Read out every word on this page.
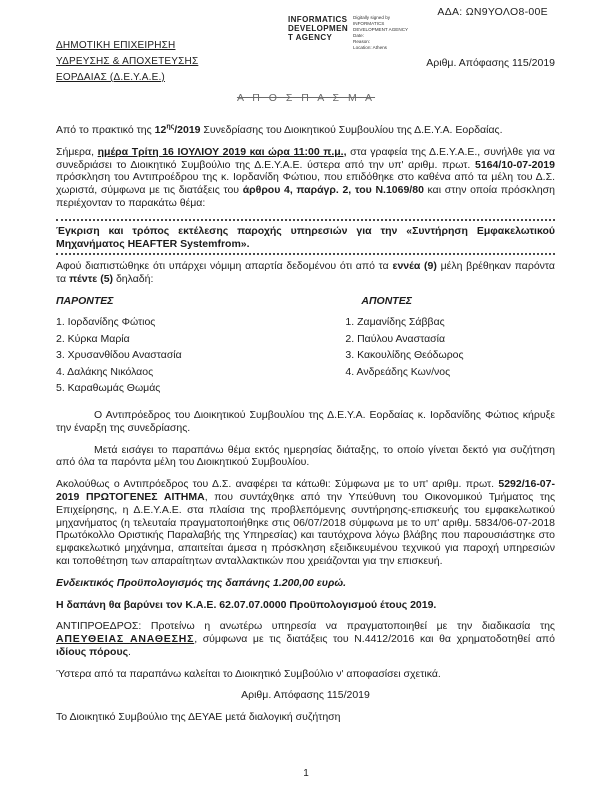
ΑΔΑ: ΩΝ9ΥΟΛΟ8-00Ε
INFORMATICS
DEVELOPMEN
T AGENCY
Digitally signed by
INFORMATICS
DEVELOPMENT AGENCY
Date:
Reason:
Location: Athens
ΔΗΜΟΤΙΚΗ ΕΠΙΧΕΙΡΗΣΗ
ΥΔΡΕΥΣΗΣ & ΑΠΟΧΕΤΕΥΣΗΣ
ΕΟΡΔΑΙΑΣ (Δ.Ε.Υ.Α.Ε.)
Αριθμ. Απόφασης 115/2019
Α Π Ο Σ Π Α Σ Μ Α

Από το πρακτικό της $12^{\eta\varsigma}/2019$ Συνεδρίασης του Διοικητικού Συμβουλίου της Δ.Ε.Υ.Α. Εορδαίας.

Σήμερα, ημέρα Τρίτη 16 ΙΟΥΛΙΟΥ 2019 και ώρα 11:00 π.μ., στα γραφεία της Δ.Ε.Υ.Α.Ε., συνήλθε για να συνεδριάσει το Διοικητικό Συμβούλιο της Δ.Ε.Υ.Α.Ε. ύστερα από την υπ' αριθμ. πρωτ. 5164/10-07-2019 πρόσκληση του Αντιπροέδρου της κ. Ιορδανίδη Φώτιου, που επιδόθηκε στο καθένα από τα μέλη του Δ.Σ. χωριστά, σύμφωνα με τις διατάξεις του άρθρου 4, παράγρ. 2, του Ν.1069/80 και στην οποία πρόσκληση περιέχονταν το παρακάτω θέμα:

Έγκριση και τρόπος εκτέλεσης παροχής υπηρεσιών για την «Συντήρηση Εμφακελωτικού Μηχανήματος HEAFTER Systemfrom».

Αφού διαπιστώθηκε ότι υπάρχει νόμιμη απαρτία δεδομένου ότι από τα εννέα (9) μέλη βρέθηκαν παρόντα τα πέντε (5) δηλαδή:

ΠΑΡΟΝΤΕΣ
1. Ιορδανίδης Φώτιος
2. Κύρκα Μαρία
3. Χρυσανθίδου Αναστασία
4. Δαλάκης Νικόλαος
5. Καραθωμάς Θωμάς
ΑΠΟΝΤΕΣ
1. Ζαμανίδης Σάββας
2. Παύλου Αναστασία
3. Κακουλίδης Θεόδωρος
4. Ανδρεάδης Κων/νος

Ο Αντιπρόεδρος του Διοικητικού Συμβουλίου της Δ.Ε.Υ.Α. Εορδαίας κ. Ιορδανίδης Φώτιος κήρυξε την έναρξη της συνεδρίασης.

Μετά εισάγει το παραπάνω θέμα εκτός ημερησίας διάταξης, το οποίο γίνεται δεκτό για συζήτηση από όλα τα παρόντα μέλη του Διοικητικού Συμβουλίου.

Ακολούθως ο Αντιπρόεδρος του Δ.Σ. αναφέρει τα κάτωθι: Σύμφωνα με το υπ' αριθμ. πρωτ. 5292/16-07-2019 ΠΡΩΤΟΓΕΝΕΣ ΑΙΤΗΜΑ, που συντάχθηκε από την Υπεύθυνη του Οικονομικού Τμήματος της Επιχείρησης, η Δ.Ε.Υ.Α.Ε. στα πλαίσια της προβλεπόμενης συντήρησης-επισκευής του εμφακελωτικού μηχανήματος (η τελευταία πραγματοποιήθηκε στις 06/07/2018 σύμφωνα με το υπ' αριθμ. 5834/06-07-2018 Πρωτόκολλο Οριστικής Παραλαβής της Υπηρεσίας) και ταυτόχρονα λόγω βλάβης που παρουσιάστηκε στο εμφακελωτικό μηχάνημα, απαιτείται άμεσα η πρόσκληση εξειδικευμένου τεχνικού για παροχή υπηρεσιών και τοποθέτηση των απαραίτητων ανταλλακτικών που χρειάζονται για την επισκευή.

Ενδεικτικός Προϋπολογισμός της δαπάνης 1.200,00 ευρώ.

Η δαπάνη θα βαρύνει τον Κ.Α.Ε. 62.07.07.0000 Προϋπολογισμού έτους 2019.

ΑΝΤΙΠΡΟΕΔΡΟΣ: Προτείνω η ανωτέρω υπηρεσία να πραγματοποιηθεί με την διαδικασία της ΑΠΕΥΘΕΙΑΣ ΑΝΑΘΕΣΗΣ, σύμφωνα με τις διατάξεις του Ν.4412/2016 και θα χρηματοδοτηθεί από ιδίους πόρους.

Ύστερα από τα παραπάνω καλείται το Διοικητικό Συμβούλιο ν' αποφασίσει σχετικά.

Αριθμ. Απόφασης 115/2019

Το Διοικητικό Συμβούλιο της ΔΕΥΑΕ μετά διαλογική συζήτηση

1
